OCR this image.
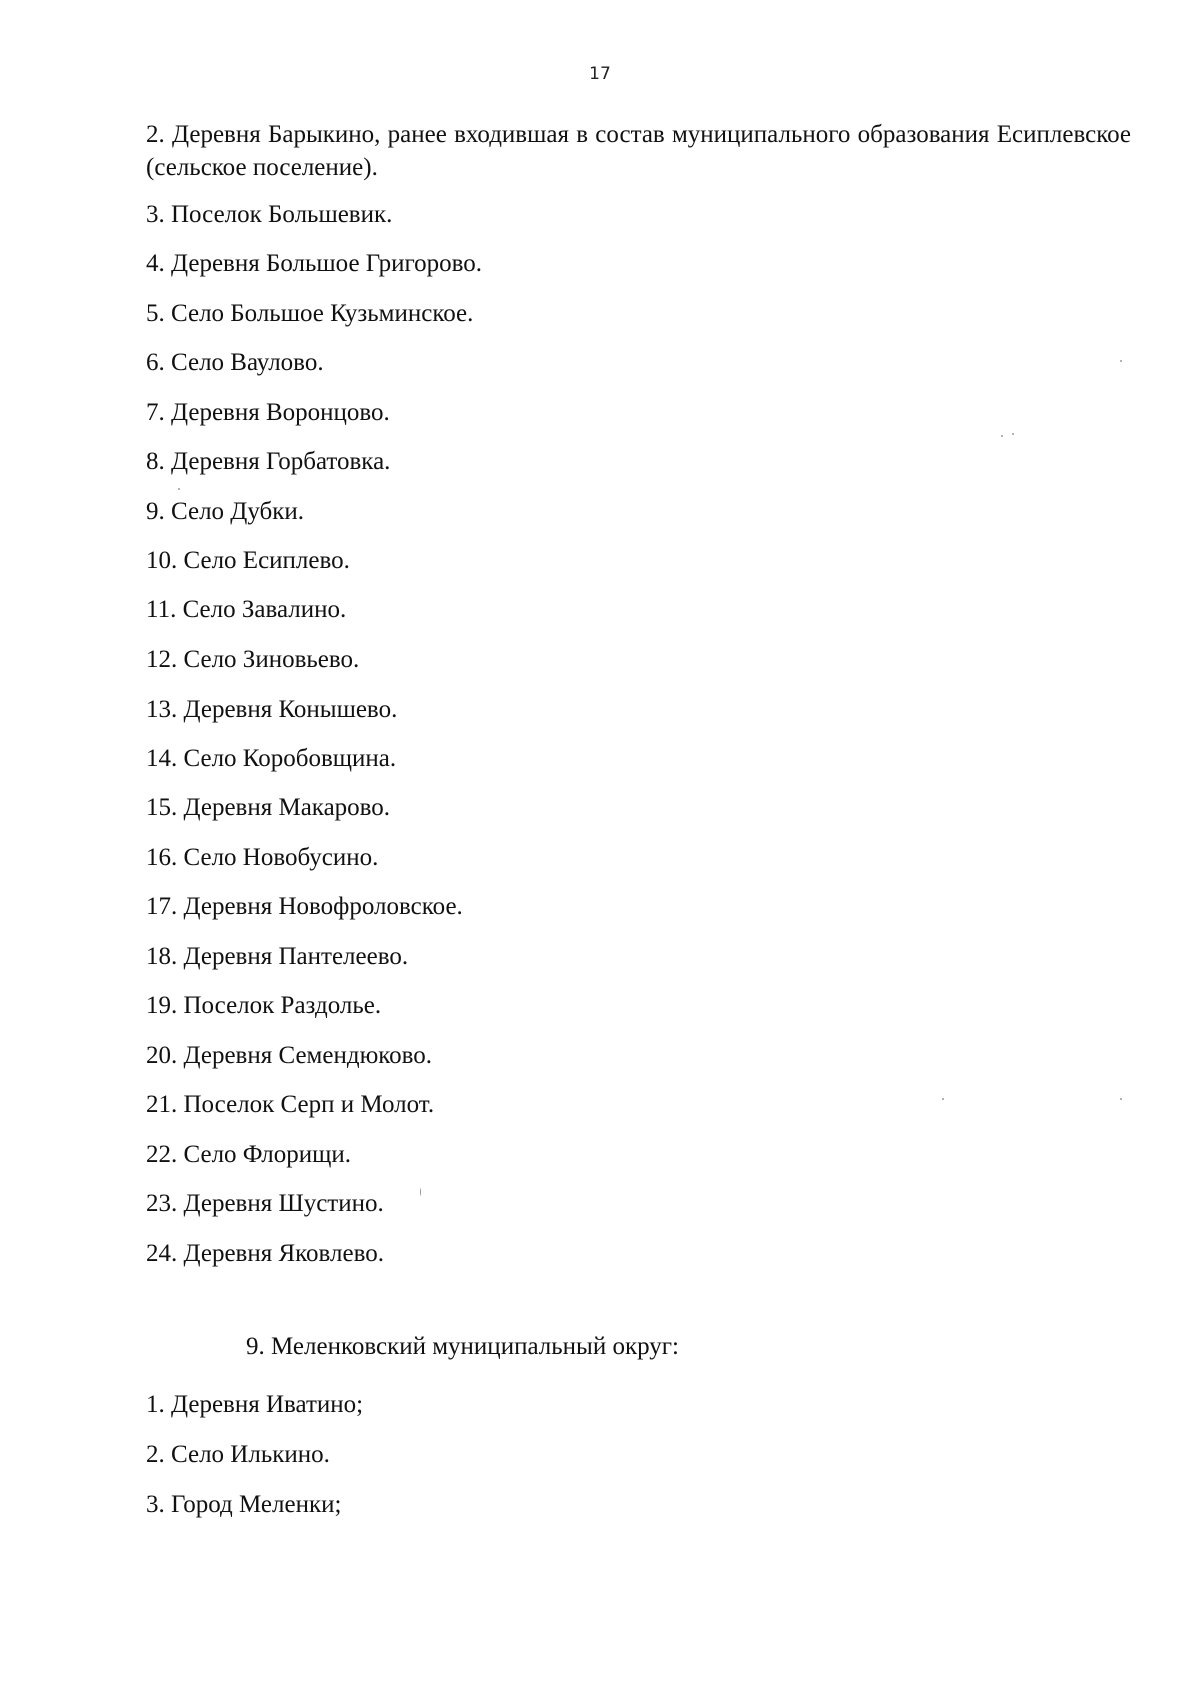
17

2. Деревня Барыкино, ранее входившая в состав муниципального образования Есиплевское (сельское поселение).

3. Поселок Большевик.
4. Деревня Большое Григорово.
5. Село Большое Кузьминское.
6. Село Ваулово.
7. Деревня Воронцово.
8. Деревня Горбатовка.
9. Село Дубки.
10. Село Есиплево.
11. Село Завалино.
12. Село Зиновьево.
13. Деревня Конышево.
14. Село Коробовщина.
15. Деревня Макарово.
16. Село Новобусино.
17. Деревня Новофроловское.
18. Деревня Пантелеево.
19. Поселок Раздолье.
20. Деревня Семендюково.
21. Поселок Серп и Молот.
22. Село Флорищи.
23. Деревня Шустино.
24. Деревня Яковлево.
9. Меленковский муниципальный округ:
1. Деревня Иватино;
2. Село Илькино.
3. Город Меленки;
